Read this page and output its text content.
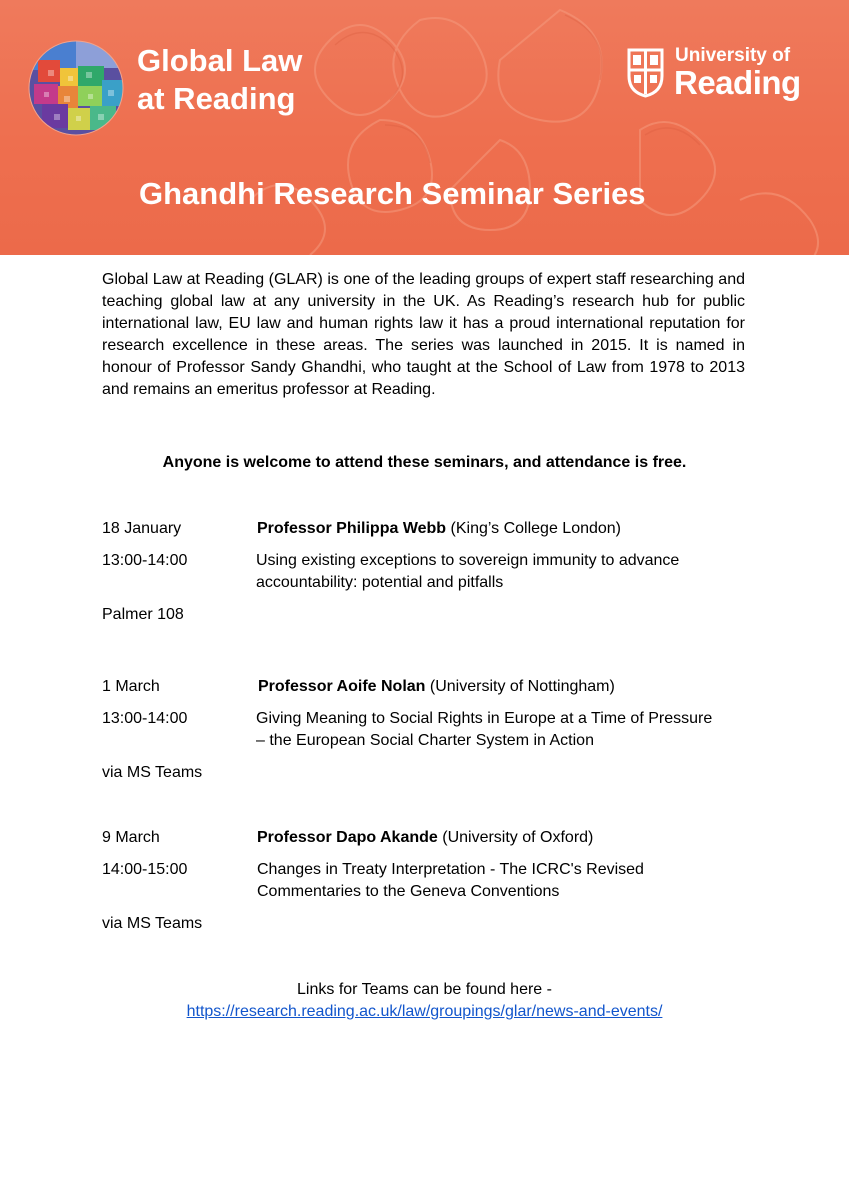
Global Law
at Reading
University of
Reading
Ghandhi Research Seminar Series

Global Law at Reading (GLAR) is one of the leading groups of expert staff researching and teaching global law at any university in the UK. As Reading’s research hub for public international law, EU law and human rights law it has a proud international reputation for research excellence in these areas. The series was launched in 2015. It is named in honour of Professor Sandy Ghandhi, who taught at the School of Law from 1978 to 2013 and remains an emeritus professor at Reading.

Anyone is welcome to attend these seminars, and attendance is free.

18 January	Professor Philippa Webb (King’s College London)
13:00-14:00	Using existing exceptions to sovereign immunity to advance
accountability: potential and pitfalls
Palmer 108
1 March	Professor Aoife Nolan (University of Nottingham)
13:00-14:00	Giving Meaning to Social Rights in Europe at a Time of Pressure
– the European Social Charter System in Action
via MS Teams
9 March	Professor Dapo Akande (University of Oxford)
14:00-15:00	Changes in Treaty Interpretation - The ICRC's Revised
Commentaries to the Geneva Conventions
via MS Teams
Links for Teams can be found here -
https://research.reading.ac.uk/law/groupings/glar/news-and-events/
